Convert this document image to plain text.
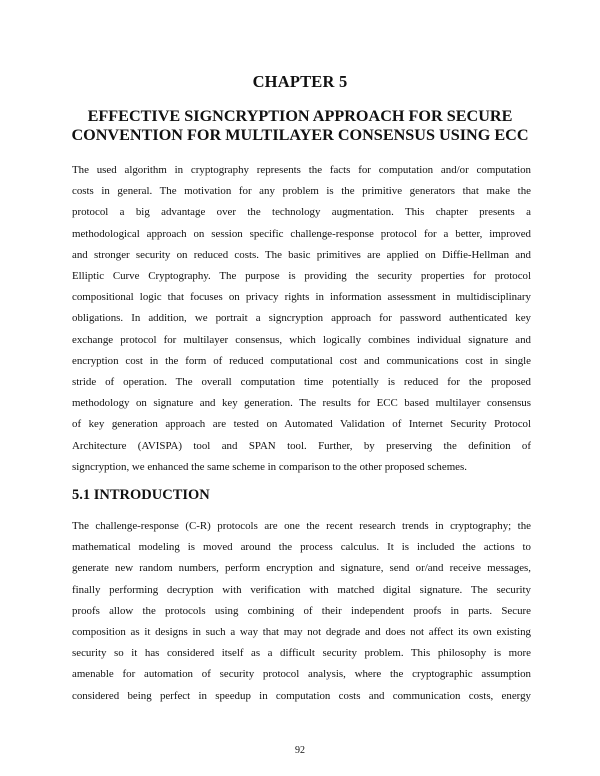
CHAPTER 5
EFFECTIVE SIGNCRYPTION APPROACH FOR SECURE
CONVENTION FOR MULTILAYER CONSENSUS USING ECC
The used algorithm in cryptography represents the facts for computation and/or computation
costs in general. The motivation for any problem is the primitive generators that make the
protocol a big advantage over the technology augmentation. This chapter presents a
methodological approach on session specific challenge-response protocol for a better, improved
and stronger security on reduced costs. The basic primitives are applied on Diffie-Hellman and
Elliptic Curve Cryptography. The purpose is providing the security properties for protocol
compositional logic that focuses on privacy rights in information assessment in multidisciplinary
obligations. In addition, we portrait a signcryption approach for password authenticated key
exchange protocol for multilayer consensus, which logically combines individual signature and
encryption cost in the form of reduced computational cost and communications cost in single
stride of operation. The overall computation time potentially is reduced for the proposed
methodology on signature and key generation. The results for ECC based multilayer consensus
of key generation approach are tested on Automated Validation of Internet Security Protocol
Architecture (AVISPA) tool and SPAN tool. Further, by preserving the definition of
signcryption, we enhanced the same scheme in comparison to the other proposed schemes.
5.1 INTRODUCTION
The challenge-response (C-R) protocols are one the recent research trends in cryptography; the
mathematical modeling is moved around the process calculus. It is included the actions to
generate new random numbers, perform encryption and signature, send or/and receive messages,
finally performing decryption with verification with matched digital signature. The security
proofs allow the protocols using combining of their independent proofs in parts. Secure
composition as it designs in such a way that may not degrade and does not affect its own existing
security so it has considered itself as a difficult security problem. This philosophy is more
amenable for automation of security protocol analysis, where the cryptographic assumption
considered being perfect in speedup in computation costs and communication costs, energy
92
